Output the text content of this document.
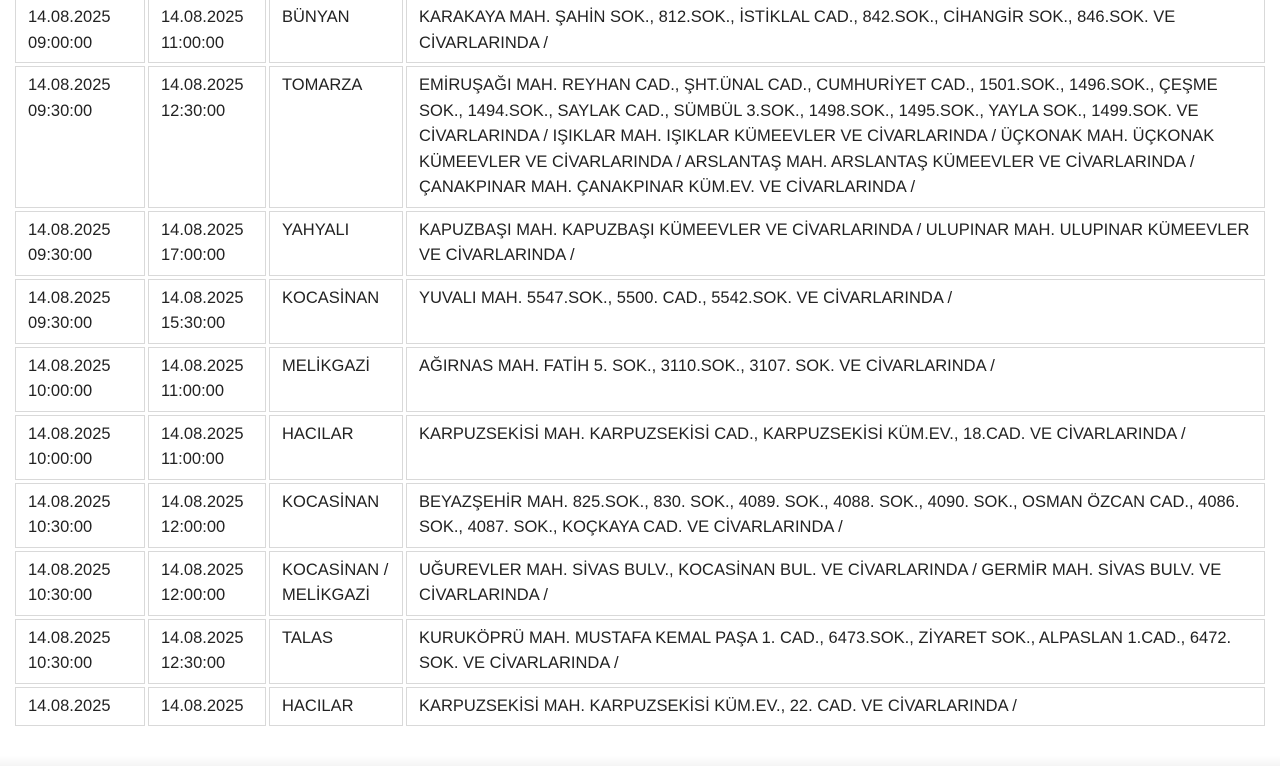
14.08.2025
09:00:00	14.08.2025
11:00:00	BÜNYAN	KARAKAYA MAH. ŞAHİN SOK., 812.SOK., İSTİKLAL CAD., 842.SOK., CİHANGİR SOK., 846.SOK. VE CİVARLARINDA /

14.08.2025
09:30:00	14.08.2025
12:30:00	TOMARZA	EMİRUŞAĞI MAH. REYHAN CAD., ŞHT.ÜNAL CAD., CUMHURİYET CAD., 1501.SOK., 1496.SOK., ÇEŞME SOK., 1494.SOK., SAYLAK CAD., SÜMBÜL 3.SOK., 1498.SOK., 1495.SOK., YAYLA SOK., 1499.SOK. VE CİVARLARINDA / IŞIKLAR MAH. IŞIKLAR KÜMEEVLER VE CİVARLARINDA / ÜÇKONAK MAH. ÜÇKONAK KÜMEEVLER VE CİVARLARINDA / ARSLANTAŞ MAH. ARSLANTAŞ KÜMEEVLER VE CİVARLARINDA / ÇANAKPINAR MAH. ÇANAKPINAR KÜM.EV. VE CİVARLARINDA /

14.08.2025
09:30:00	14.08.2025
17:00:00	YAHYALI	KAPUZBAŞI MAH. KAPUZBAŞI KÜMEEVLER VE CİVARLARINDA / ULUPINAR MAH. ULUPINAR KÜMEEVLER VE CİVARLARINDA /

14.08.2025
09:30:00	14.08.2025
15:30:00	KOCASİNAN	YUVALI MAH. 5547.SOK., 5500. CAD., 5542.SOK. VE CİVARLARINDA /

14.08.2025
10:00:00	14.08.2025
11:00:00	MELİKGAZİ	AĞIRNAS MAH. FATİH 5. SOK., 3110.SOK., 3107. SOK. VE CİVARLARINDA /

14.08.2025
10:00:00	14.08.2025
11:00:00	HACILAR	KARPUZSEKİSİ MAH. KARPUZSEKİSİ CAD., KARPUZSEKİSİ KÜM.EV., 18.CAD. VE CİVARLARINDA /

14.08.2025
10:30:00	14.08.2025
12:00:00	KOCASİNAN	BEYAZŞEHİR MAH. 825.SOK., 830. SOK., 4089. SOK., 4088. SOK., 4090. SOK., OSMAN ÖZCAN CAD., 4086. SOK., 4087. SOK., KOÇKAYA CAD. VE CİVARLARINDA /

14.08.2025
10:30:00	14.08.2025
12:00:00	KOCASİNAN / MELİKGAZİ	UĞUREVLER MAH. SİVAS BULV., KOCASİNAN BUL. VE CİVARLARINDA / GERMİR MAH. SİVAS BULV. VE CİVARLARINDA /

14.08.2025
10:30:00	14.08.2025
12:30:00	TALAS	KURUKÖPRÜ MAH. MUSTAFA KEMAL PAŞA 1. CAD., 6473.SOK., ZİYARET SOK., ALPASLAN 1.CAD., 6472. SOK. VE CİVARLARINDA /

14.08.2025	14.08.2025	HACILAR	KARPUZSEKİSİ MAH. KARPUZSEKİSİ KÜM.EV., 22. CAD. VE CİVARLARINDA /
